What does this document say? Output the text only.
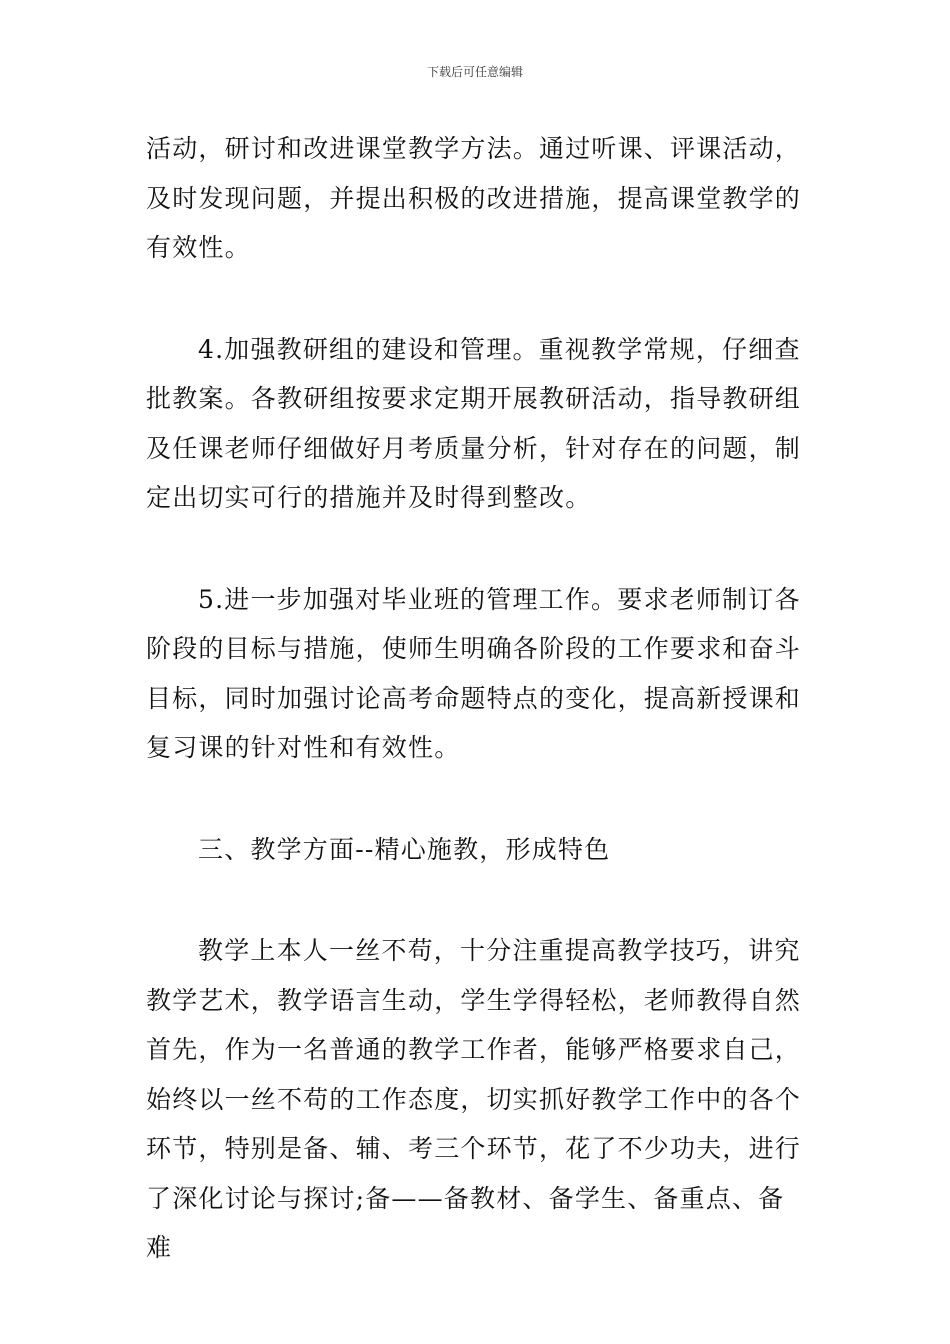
下载后可任意编辑

活动，研讨和改进课堂教学方法。通过听课、评课活动，及时发现问题，并提出积极的改进措施，提高课堂教学的有效性。

4.加强教研组的建设和管理。重视教学常规，仔细查批教案。各教研组按要求定期开展教研活动，指导教研组及任课老师仔细做好月考质量分析，针对存在的问题，制定出切实可行的措施并及时得到整改。

5.进一步加强对毕业班的管理工作。要求老师制订各阶段的目标与措施，使师生明确各阶段的工作要求和奋斗目标，同时加强讨论高考命题特点的变化，提高新授课和复习课的针对性和有效性。

三、教学方面--精心施教，形成特色

教学上本人一丝不苟，十分注重提高教学技巧，讲究教学艺术，教学语言生动，学生学得轻松，老师教得自然首先，作为一名普通的教学工作者，能够严格要求自己，始终以一丝不苟的工作态度，切实抓好教学工作中的各个环节，特别是备、辅、考三个环节，花了不少功夫，进行了深化讨论与探讨;备——备教材、备学生、备重点、备难
